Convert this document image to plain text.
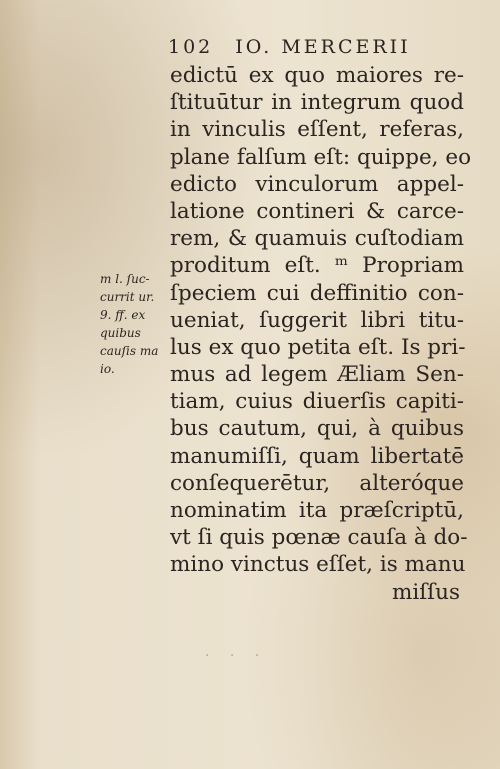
102 IO. MERCERII
m l. ſuc-
currit ur.
9. ff. ex
quibus
cauſis ma
io.
edictū ex quo maiores re-
ſtituūtur in integrum quod
in vinculis eſſent, referas,
plane falſum eſt: quippe, eo
edicto vinculorum appel-
latione contineri & carce-
rem, & quamuis cuſtodiam
proditum eſt. ᵐ Propriam
ſpeciem cui deffinitio con-
ueniat, ſuggerit libri titu-
lus ex quo petita eſt. Is pri-
mus ad legem Æliam Sen-
tiam, cuius diuerſis capiti-
bus cautum, qui, à quibus
manumiſſi, quam libertatē
conſequerētur, alteróque
nominatim ita præſcriptū,
vt ſi quis pœnæ cauſa à do-
mino vinctus eſſet, is manu
miſſus
· · ·
